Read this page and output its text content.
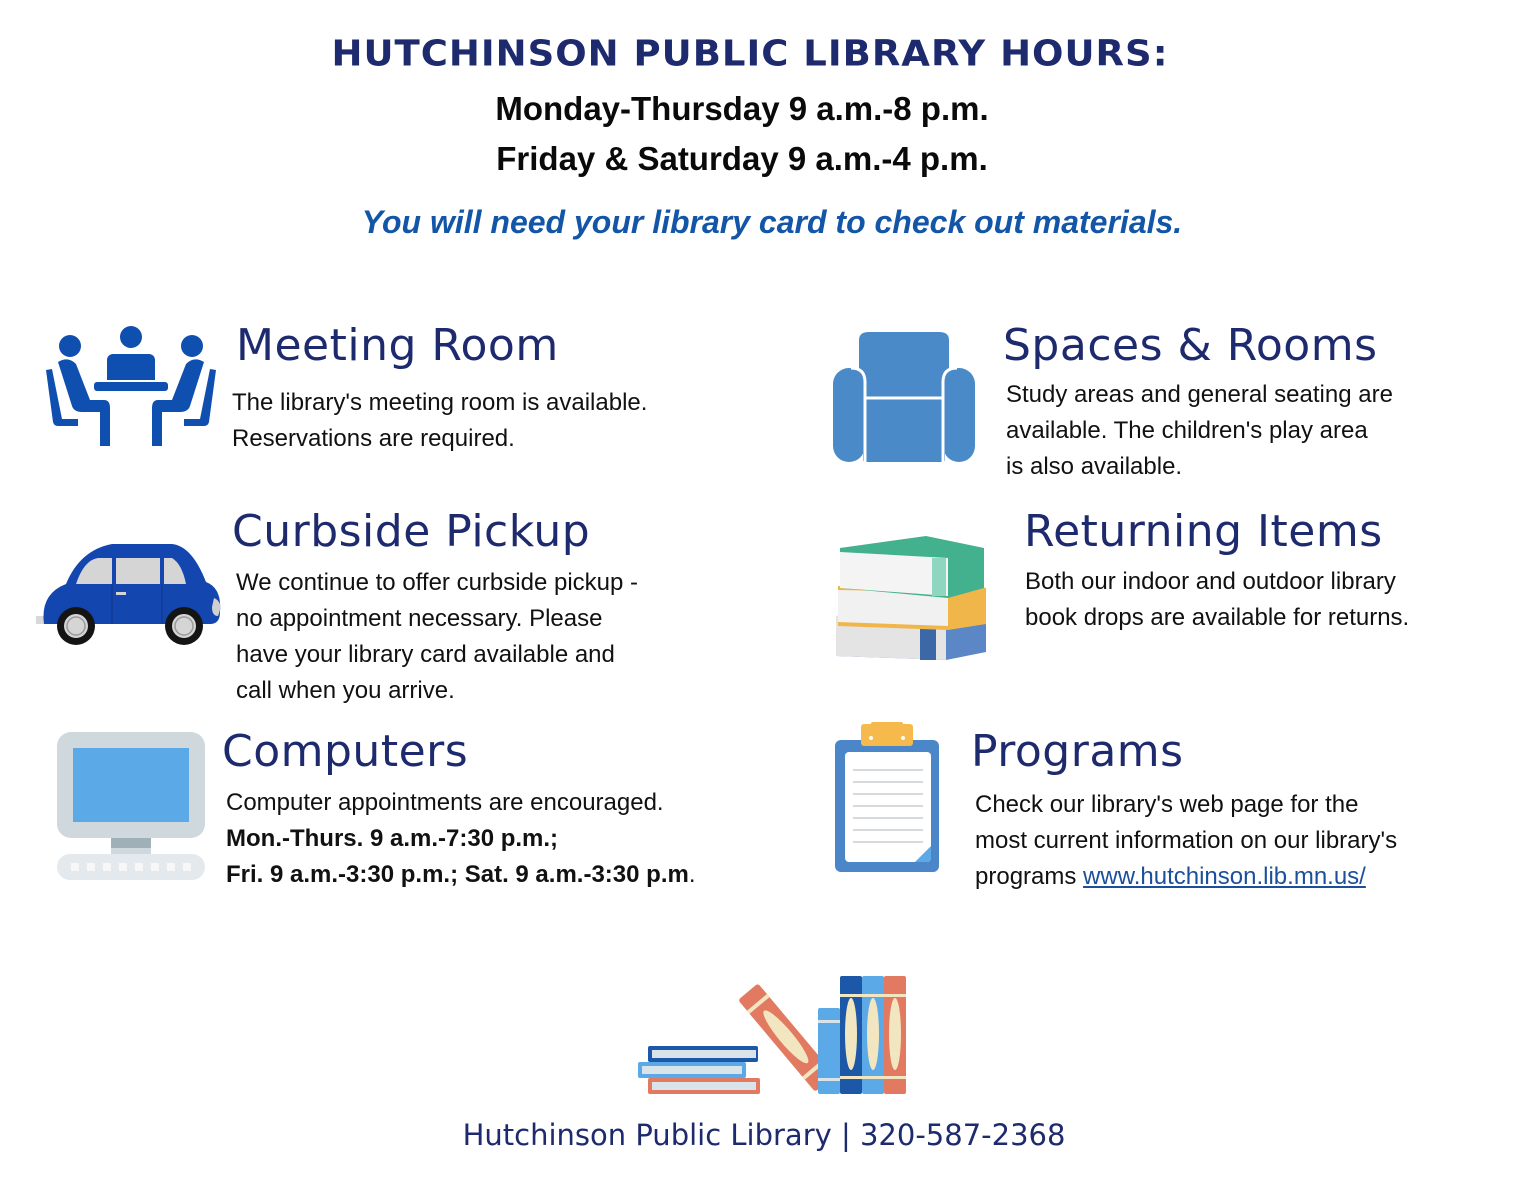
HUTCHINSON PUBLIC LIBRARY HOURS:
Monday-Thursday 9 a.m.-8 p.m.
Friday & Saturday 9 a.m.-4 p.m.
You will need your library card to check out materials.
Meeting Room
The library's meeting room is available.
Reservations are required.
Spaces & Rooms
Study areas and general seating are
available. The children's play area
is also available.
Curbside Pickup
We continue to offer curbside pickup -
no appointment necessary. Please
have your library card available and
call when you arrive.
Returning Items
Both our indoor and outdoor library
book drops are available for returns.
Computers
Computer appointments are encouraged.
Mon.-Thurs. 9 a.m.-7:30 p.m.;
Fri. 9 a.m.-3:30 p.m.; Sat. 9 a.m.-3:30 p.m.
Programs
Check our library's web page for the
most current information on our library's
programs www.hutchinson.lib.mn.us/
Hutchinson Public Library | 320-587-2368
